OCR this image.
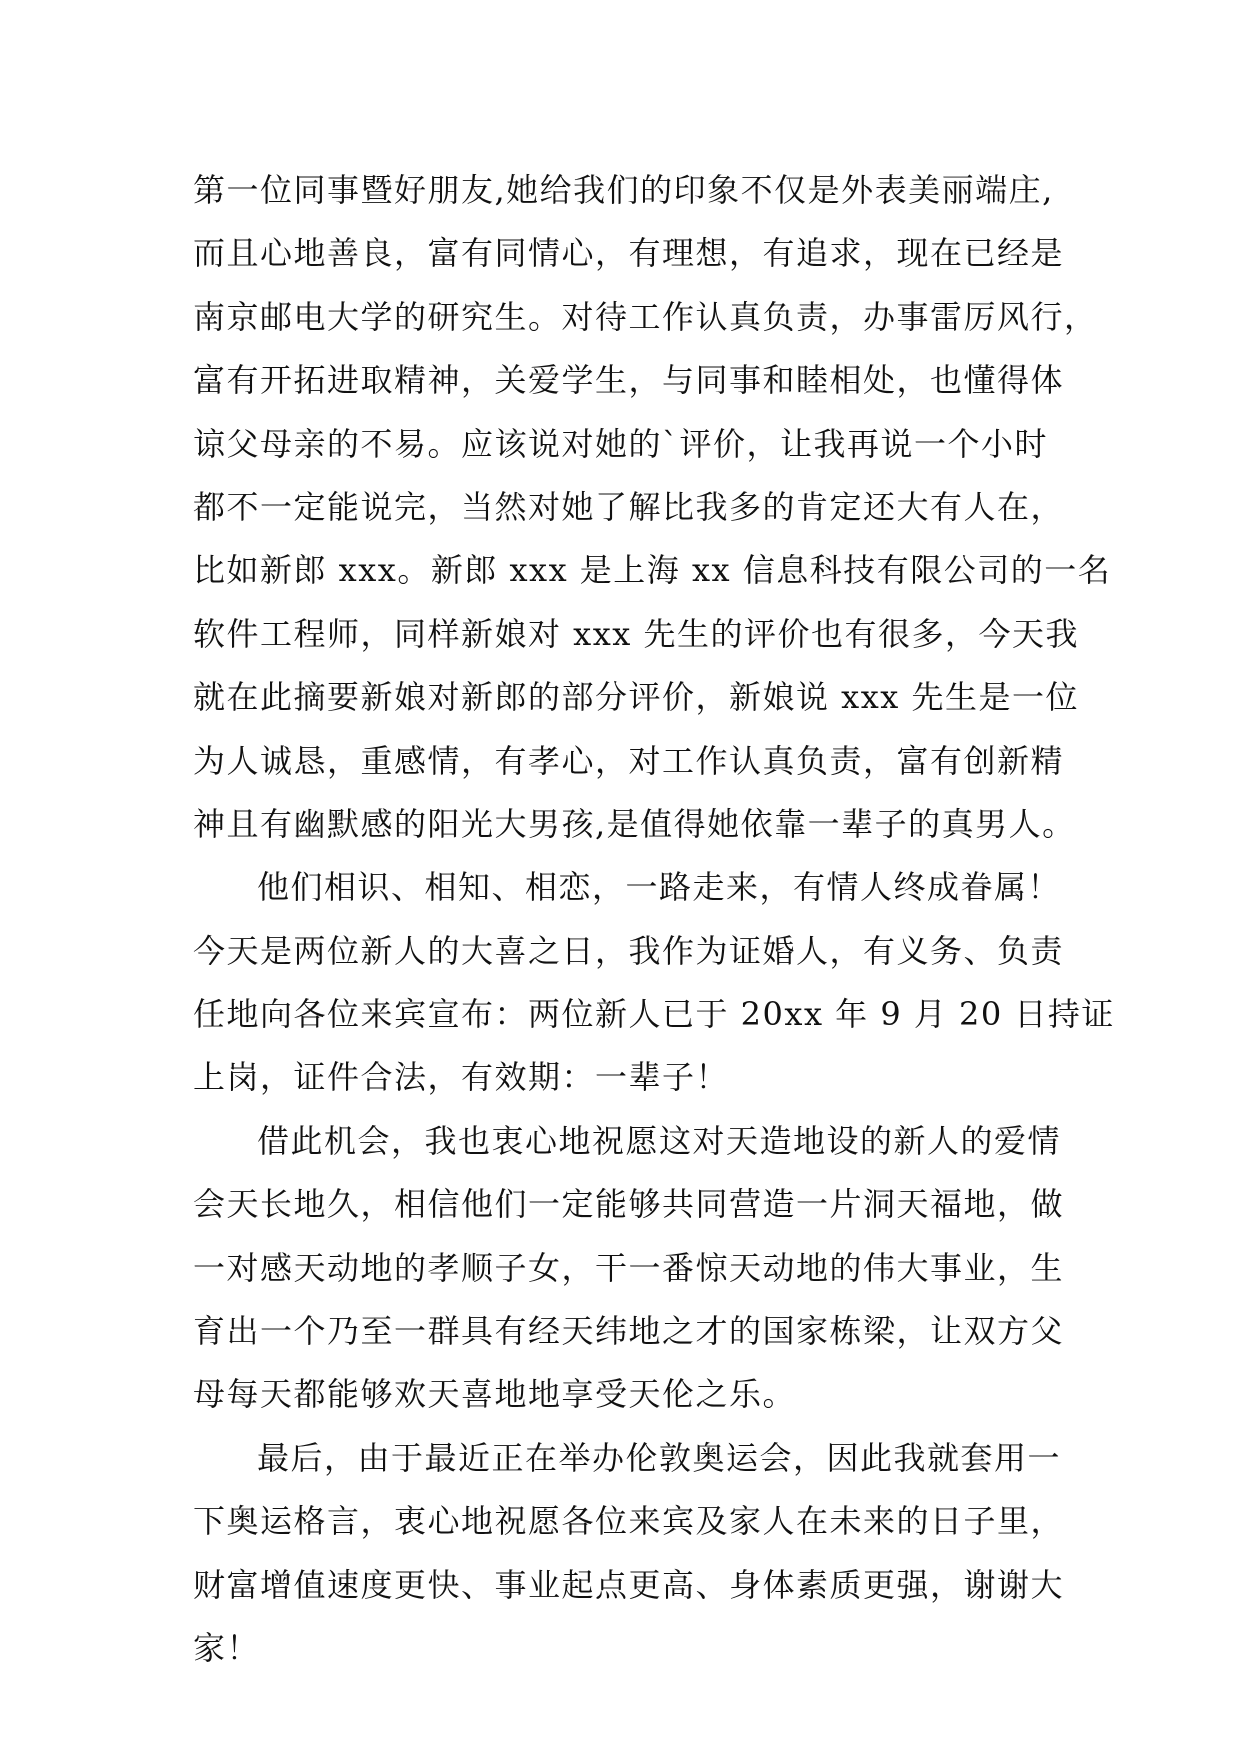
第一位同事暨好朋友,她给我们的印象不仅是外表美丽端庄,
而且心地善良，富有同情心，有理想，有追求，现在已经是
南京邮电大学的研究生。对待工作认真负责，办事雷厉风行，
富有开拓进取精神，关爱学生，与同事和睦相处，也懂得体
谅父母亲的不易。应该说对她的`评价，让我再说一个小时
都不一定能说完，当然对她了解比我多的肯定还大有人在，
比如新郎 xxx。新郎 xxx 是上海 xx 信息科技有限公司的一名
软件工程师，同样新娘对 xxx 先生的评价也有很多，今天我
就在此摘要新娘对新郎的部分评价，新娘说 xxx 先生是一位
为人诚恳，重感情，有孝心，对工作认真负责，富有创新精
神且有幽默感的阳光大男孩,是值得她依靠一辈子的真男人。
他们相识、相知、相恋，一路走来，有情人终成眷属！
今天是两位新人的大喜之日，我作为证婚人，有义务、负责
任地向各位来宾宣布：两位新人已于 20xx 年 9 月 20 日持证
上岗，证件合法，有效期：一辈子！
借此机会，我也衷心地祝愿这对天造地设的新人的爱情
会天长地久，相信他们一定能够共同营造一片洞天福地，做
一对感天动地的孝顺子女，干一番惊天动地的伟大事业，生
育出一个乃至一群具有经天纬地之才的国家栋梁，让双方父
母每天都能够欢天喜地地享受天伦之乐。
最后，由于最近正在举办伦敦奥运会，因此我就套用一
下奥运格言，衷心地祝愿各位来宾及家人在未来的日子里，
财富增值速度更快、事业起点更高、身体素质更强，谢谢大
家！
